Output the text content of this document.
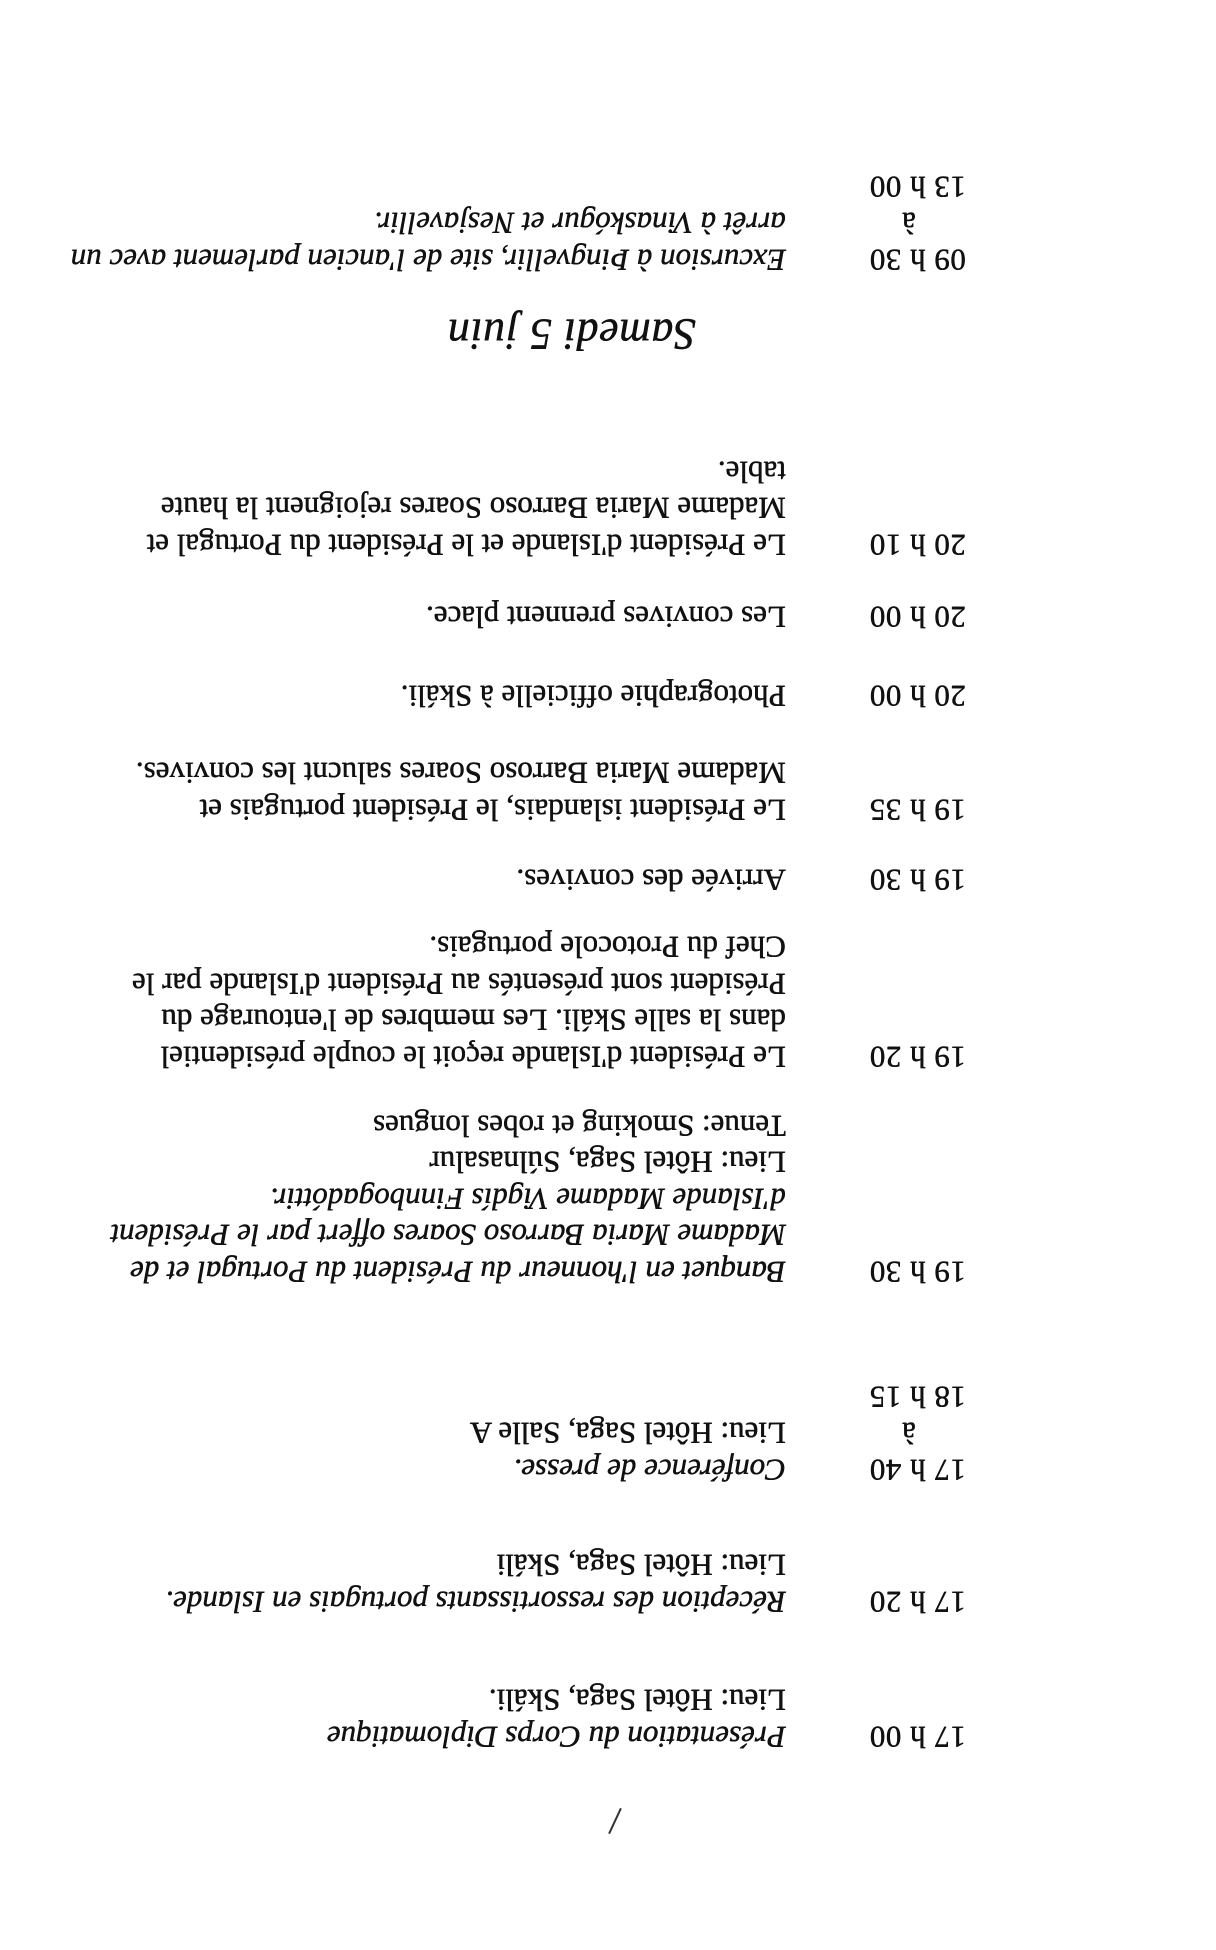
17 h 00
Présentation du Corps Diplomatique
Lieu: Hôtel Saga, Skáli.
17 h 20
Réception des ressortissants portugais en Islande.
Lieu: Hôtel Saga, Skáli
17 h 40
à
18 h 15
Conférence de presse.
Lieu: Hôtel Saga, Salle A
19 h 30
Banquet en l'honneur du Président du Portugal et de
Madame Maria Barroso Soares offert par le Président
d'Islande Madame Vigdís Finnbogadóttir.
Lieu: Hôtel Saga, Súlnasalur
Tenue: Smoking et robes longues
19 h 20
Le Président d'Islande reçoit le couple présidentiel
dans la salle Skáli. Les membres de l'entourage du
Président sont présentés au Président d'Islande par le
Chef du Protocole portugais.
19 h 30
Arrivée des convives.
19 h 35
Le Président islandais, le Président portugais et
Madame Maria Barroso Soares salucnt les convives.
20 h 00
Photographie officielle à Skáli.
20 h 00
Les convives prennent place.
20 h 10
Le Président d'Islande et le Président du Portugal et
Madame Maria Barroso Soares rejoignent la haute
table.
Samedi 5 juin
09 h 30
à
13 h 00
Excursion à Þingvellir, site de l'ancien parlement avec un
arrêt à Vinaskógur et Nesjavellir.
